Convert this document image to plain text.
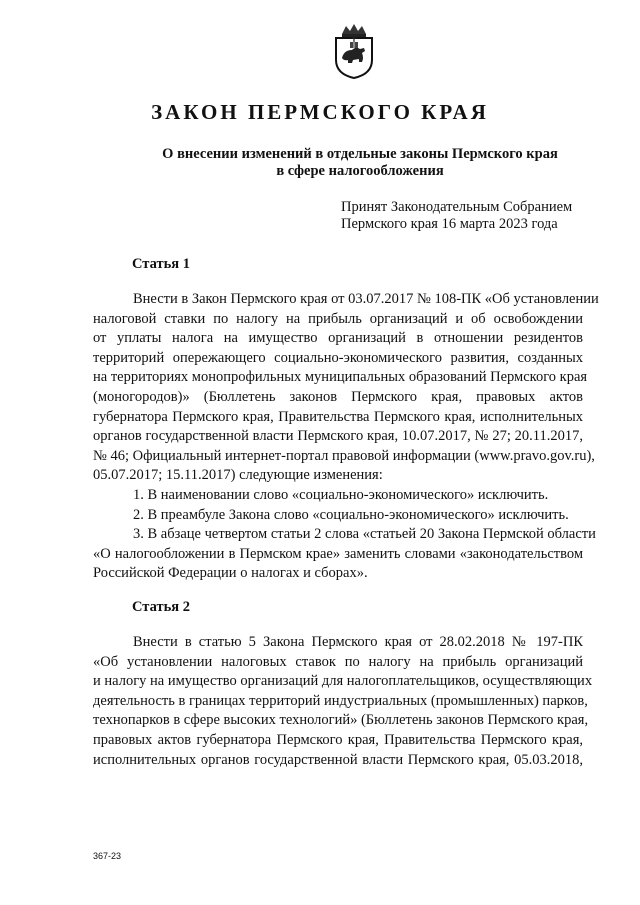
ЗАКОН ПЕРМСКОГО КРАЯ
О внесении изменений в отдельные законы Пермского края
в сфере налогообложения
Принят Законодательным Собранием
Пермского края 16 марта 2023 года
Статья 1
Внести в Закон Пермского края от 03.07.2017 № 108-ПК «Об установлении
налоговой ставки по налогу на прибыль организаций и об освобождении
от уплаты налога на имущество организаций в отношении резидентов
территорий опережающего социально-экономического развития, созданных
на территориях монопрофильных муниципальных образований Пермского края
(моногородов)» (Бюллетень законов Пермского края, правовых актов
губернатора Пермского края, Правительства Пермского края, исполнительных
органов государственной власти Пермского края, 10.07.2017, № 27; 20.11.2017,
№ 46; Официальный интернет-портал правовой информации (www.pravo.gov.ru),
05.07.2017; 15.11.2017) следующие изменения:
1. В наименовании слово «социально-экономического» исключить.
2. В преамбуле Закона слово «социально-экономического» исключить.
3. В абзаце четвертом статьи 2 слова «статьей 20 Закона Пермской области
«О налогообложении в Пермском крае» заменить словами «законодательством
Российской Федерации о налогах и сборах».
Статья 2
Внести в статью 5 Закона Пермского края от 28.02.2018 № 197-ПК
«Об установлении налоговых ставок по налогу на прибыль организаций
и налогу на имущество организаций для налогоплательщиков, осуществляющих
деятельность в границах территорий индустриальных (промышленных) парков,
технопарков в сфере высоких технологий» (Бюллетень законов Пермского края,
правовых актов губернатора Пермского края, Правительства Пермского края,
исполнительных органов государственной власти Пермского края, 05.03.2018,
367-23
